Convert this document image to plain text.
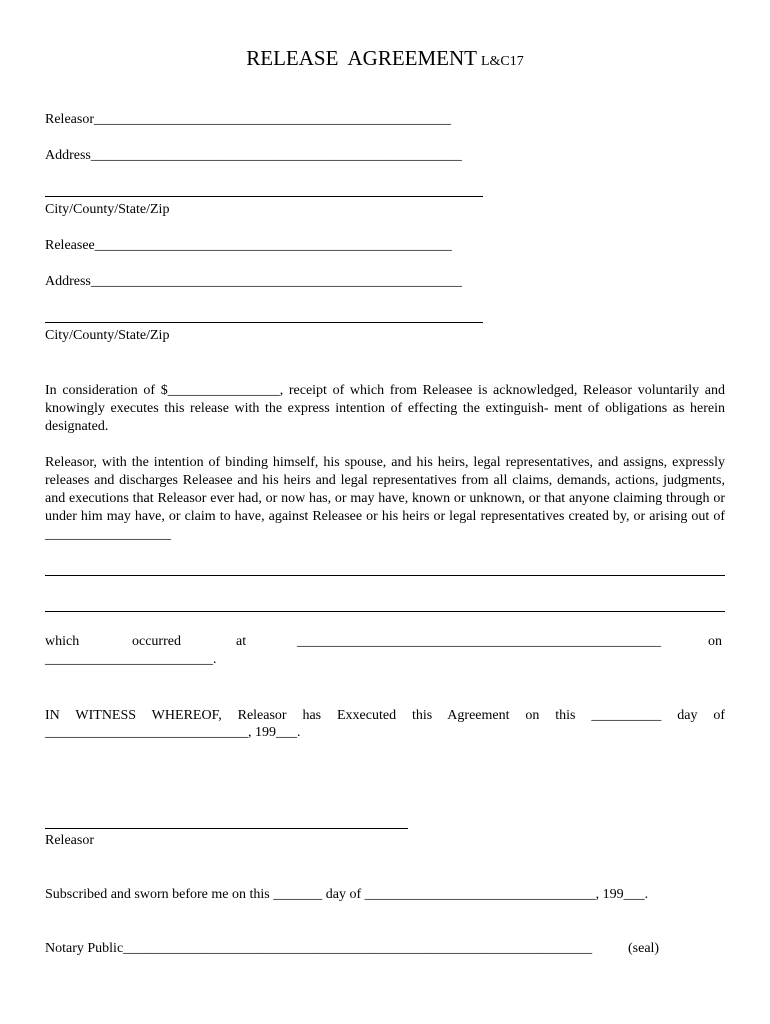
RELEASE AGREEMENT L&C17
Releasor___________________________________________________
Address_____________________________________________________
City/County/State/Zip
Releasee___________________________________________________
Address_____________________________________________________
City/County/State/Zip
In consideration of $________________, receipt of which from Releasee is acknowledged, Releasor voluntarily and knowingly executes this release with the express intention of effecting the extinguish- ment of obligations as herein designated.
Releasor, with the intention of binding himself, his spouse, and his heirs, legal representatives, and assigns, expressly releases and discharges Releasee and his heirs and legal representatives from all claims, demands, actions, judgments, and executions that Releasor ever had, or now has, or may have, known or unknown, or that anyone claiming through or under him may have, or claim to have, against Releasee or his heirs or legal representatives created by, or arising out of __________________
which	occurred	at	____________________________________________________	on
________________________.
IN WITNESS WHEREOF, Releasor has Exxecuted this Agreement on this __________ day of
_____________________________, 199___.
Releasor
Subscribed and sworn before me on this _______ day of _________________________________, 199___.
Notary Public___________________________________________________________________	(seal)
